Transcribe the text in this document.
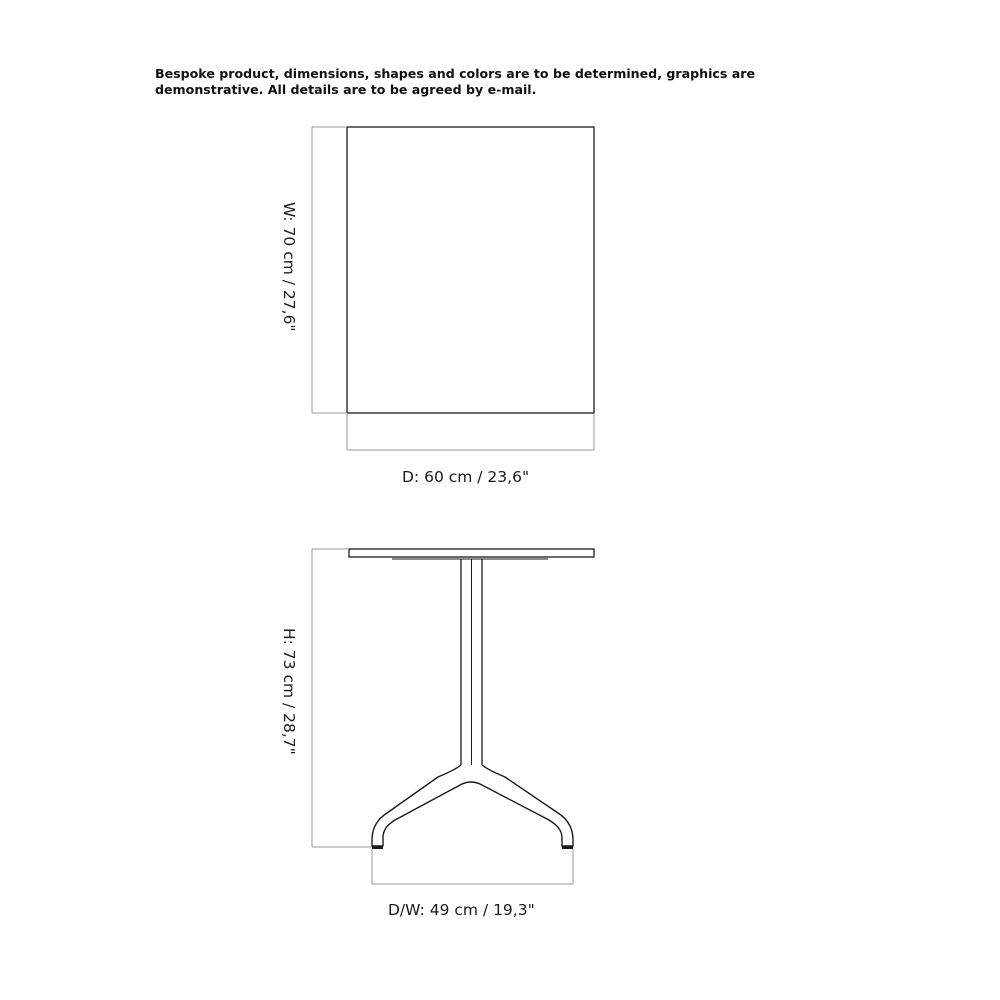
Bespoke product, dimensions, shapes and colors are to be determined, graphics are
demonstrative. All details are to be agreed by e-mail.
W: 70 cm / 27,6"
D: 60 cm / 23,6"
H: 73 cm / 28,7"
D/W: 49 cm / 19,3"
